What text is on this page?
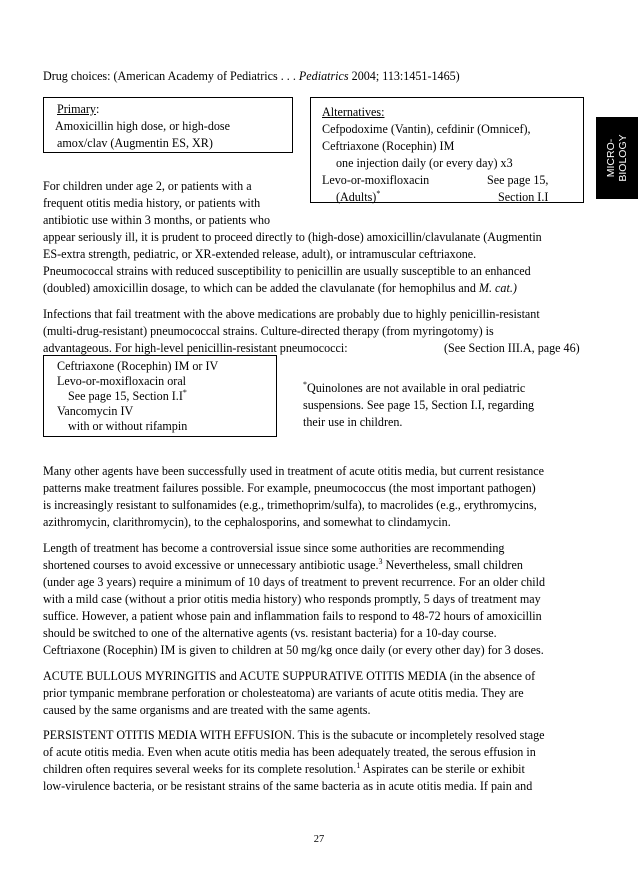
MICRO- BIOLOGY
Drug choices: (American Academy of Pediatrics . . . Pediatrics 2004; 113:1451-1465)
Primary:
Amoxicillin high dose, or high-dose
amox/clav (Augmentin ES, XR)
Alternatives:
Cefpodoxime (Vantin), cefdinir (Omnicef),
Ceftriaxone (Rocephin) IM
one injection daily (or every day) x3
Levo-or-moxifloxacin	See page 15,
(Adults)*	Section I.I
For children under age 2, or patients with a
frequent otitis media history, or patients with
antibiotic use within 3 months, or patients who
appear seriously ill, it is prudent to proceed directly to (high-dose) amoxicillin/clavulanate (Augmentin
ES-extra strength, pediatric, or XR-extended release, adult), or intramuscular ceftriaxone.
Pneumococcal strains with reduced susceptibility to penicillin are usually susceptible to an enhanced
(doubled) amoxicillin dosage, to which can be added the clavulanate (for hemophilus and M. cat.)
Infections that fail treatment with the above medications are probably due to highly penicillin-resistant
(multi-drug-resistant) pneumococcal strains. Culture-directed therapy (from myringotomy) is
advantageous. For high-level penicillin-resistant pneumococci:	(See Section III.A, page 46)
Ceftriaxone (Rocephin) IM or IV
Levo-or-moxifloxacin oral
See page 15, Section I.I*
Vancomycin IV
with or without rifampin
*Quinolones are not available in oral pediatric
suspensions. See page 15, Section I.I, regarding
their use in children.
Many other agents have been successfully used in treatment of acute otitis media, but current resistance
patterns make treatment failures possible. For example, pneumococcus (the most important pathogen)
is increasingly resistant to sulfonamides (e.g., trimethoprim/sulfa), to macrolides (e.g., erythromycins,
azithromycin, clarithromycin), to the cephalosporins, and somewhat to clindamycin.
Length of treatment has become a controversial issue since some authorities are recommending
shortened courses to avoid excessive or unnecessary antibiotic usage.$^3$ Nevertheless, small children
(under age 3 years) require a minimum of 10 days of treatment to prevent recurrence. For an older child
with a mild case (without a prior otitis media history) who responds promptly, 5 days of treatment may
suffice. However, a patient whose pain and inflammation fails to respond to 48-72 hours of amoxicillin
should be switched to one of the alternative agents (vs. resistant bacteria) for a 10-day course.
Ceftriaxone (Rocephin) IM is given to children at 50 mg/kg once daily (or every other day) for 3 doses.
ACUTE BULLOUS MYRINGITIS and ACUTE SUPPURATIVE OTITIS MEDIA (in the absence of
prior tympanic membrane perforation or cholesteatoma) are variants of acute otitis media. They are
caused by the same organisms and are treated with the same agents.
PERSISTENT OTITIS MEDIA WITH EFFUSION. This is the subacute or incompletely resolved stage
of acute otitis media. Even when acute otitis media has been adequately treated, the serous effusion in
children often requires several weeks for its complete resolution.$^1$ Aspirates can be sterile or exhibit
low-virulence bacteria, or be resistant strains of the same bacteria as in acute otitis media. If pain and
27
